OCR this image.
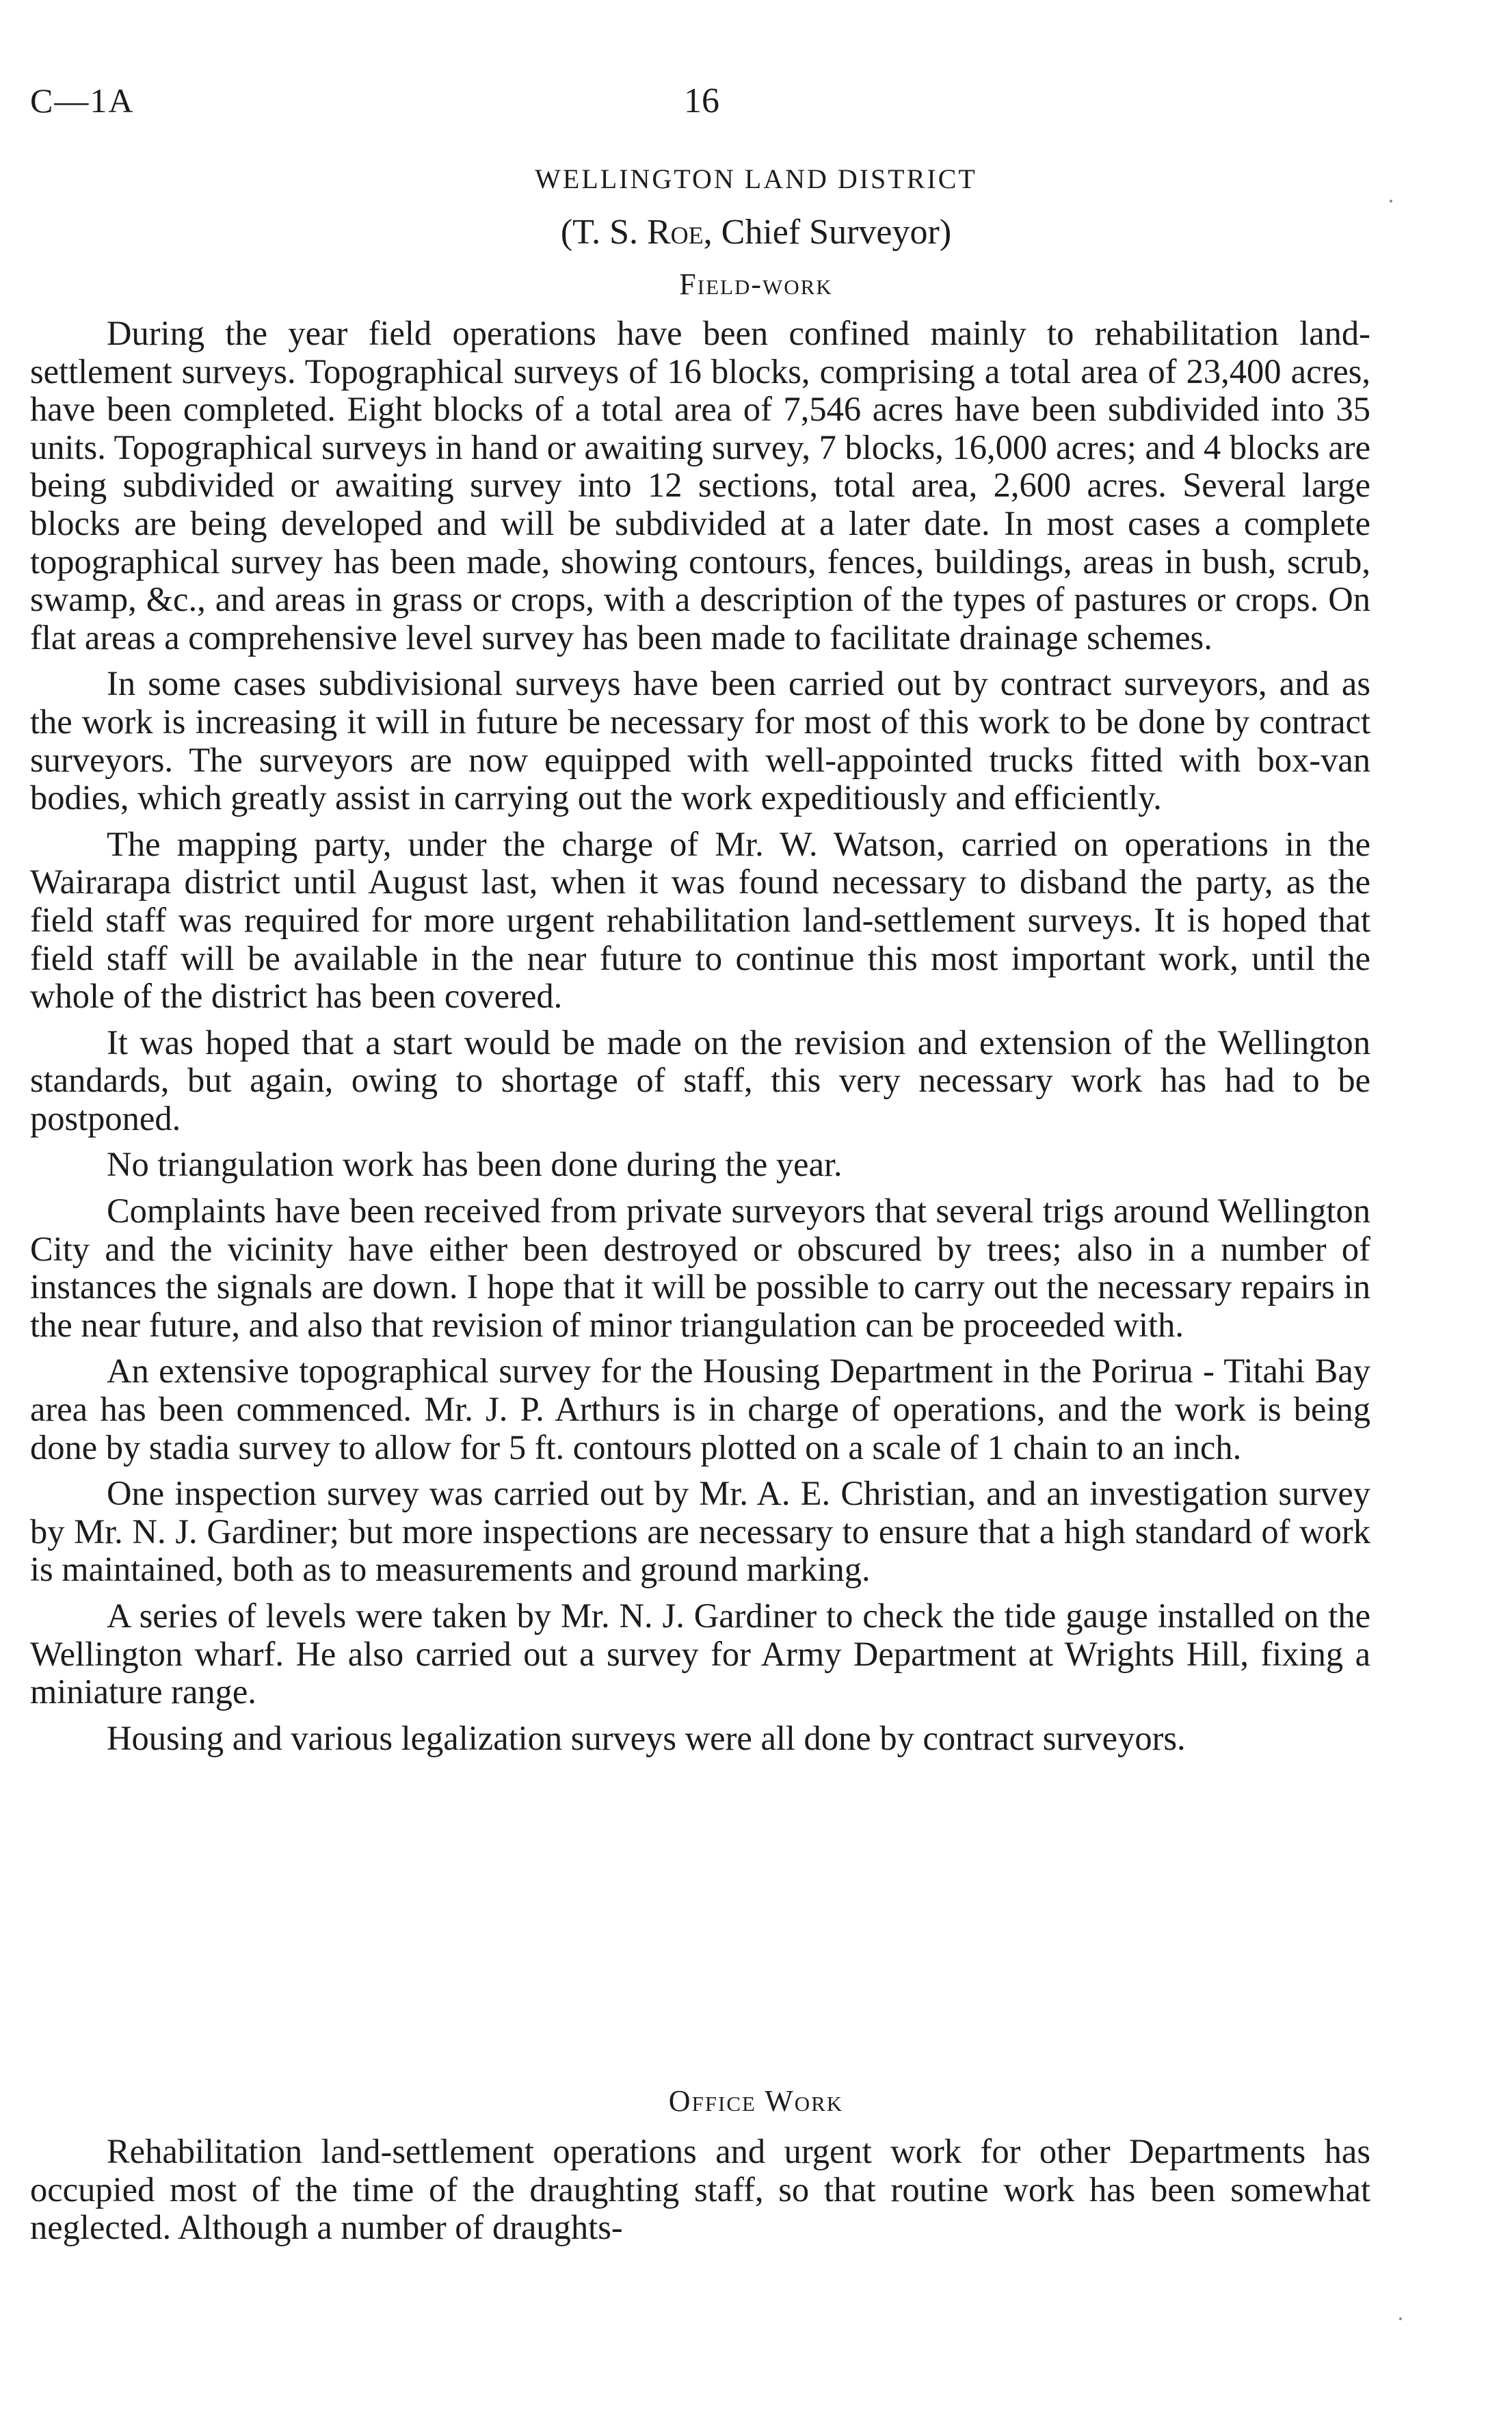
C—1A	16
WELLINGTON LAND DISTRICT
(T. S. Roe, Chief Surveyor)
Field-work

During the year field operations have been confined mainly to rehabilitation land-settlement surveys. Topographical surveys of 16 blocks, comprising a total area of 23,400 acres, have been completed. Eight blocks of a total area of 7,546 acres have been subdivided into 35 units. Topographical surveys in hand or awaiting survey, 7 blocks, 16,000 acres; and 4 blocks are being subdivided or awaiting survey into 12 sections, total area, 2,600 acres. Several large blocks are being developed and will be subdivided at a later date. In most cases a complete topographical survey has been made, showing contours, fences, buildings, areas in bush, scrub, swamp, &c., and areas in grass or crops, with a description of the types of pastures or crops. On flat areas a comprehensive level survey has been made to facilitate drainage schemes.

In some cases subdivisional surveys have been carried out by contract surveyors, and as the work is increasing it will in future be necessary for most of this work to be done by contract surveyors. The surveyors are now equipped with well-appointed trucks fitted with box-van bodies, which greatly assist in carrying out the work expeditiously and efficiently.

The mapping party, under the charge of Mr. W. Watson, carried on operations in the Wairarapa district until August last, when it was found necessary to disband the party, as the field staff was required for more urgent rehabilitation land-settlement surveys. It is hoped that field staff will be available in the near future to continue this most important work, until the whole of the district has been covered.

It was hoped that a start would be made on the revision and extension of the Wellington standards, but again, owing to shortage of staff, this very necessary work has had to be postponed.

No triangulation work has been done during the year.

Complaints have been received from private surveyors that several trigs around Wellington City and the vicinity have either been destroyed or obscured by trees; also in a number of instances the signals are down. I hope that it will be possible to carry out the necessary repairs in the near future, and also that revision of minor triangulation can be proceeded with.

An extensive topographical survey for the Housing Department in the Porirua - Titahi Bay area has been commenced. Mr. J. P. Arthurs is in charge of operations, and the work is being done by stadia survey to allow for 5 ft. contours plotted on a scale of 1 chain to an inch.

One inspection survey was carried out by Mr. A. E. Christian, and an investigation survey by Mr. N. J. Gardiner; but more inspections are necessary to ensure that a high standard of work is maintained, both as to measurements and ground marking.

A series of levels were taken by Mr. N. J. Gardiner to check the tide gauge installed on the Wellington wharf. He also carried out a survey for Army Department at Wrights Hill, fixing a miniature range.

Housing and various legalization surveys were all done by contract surveyors.

Office Work

Rehabilitation land-settlement operations and urgent work for other Departments has occupied most of the time of the draughting staff, so that routine work has been somewhat neglected. Although a number of draughts-
